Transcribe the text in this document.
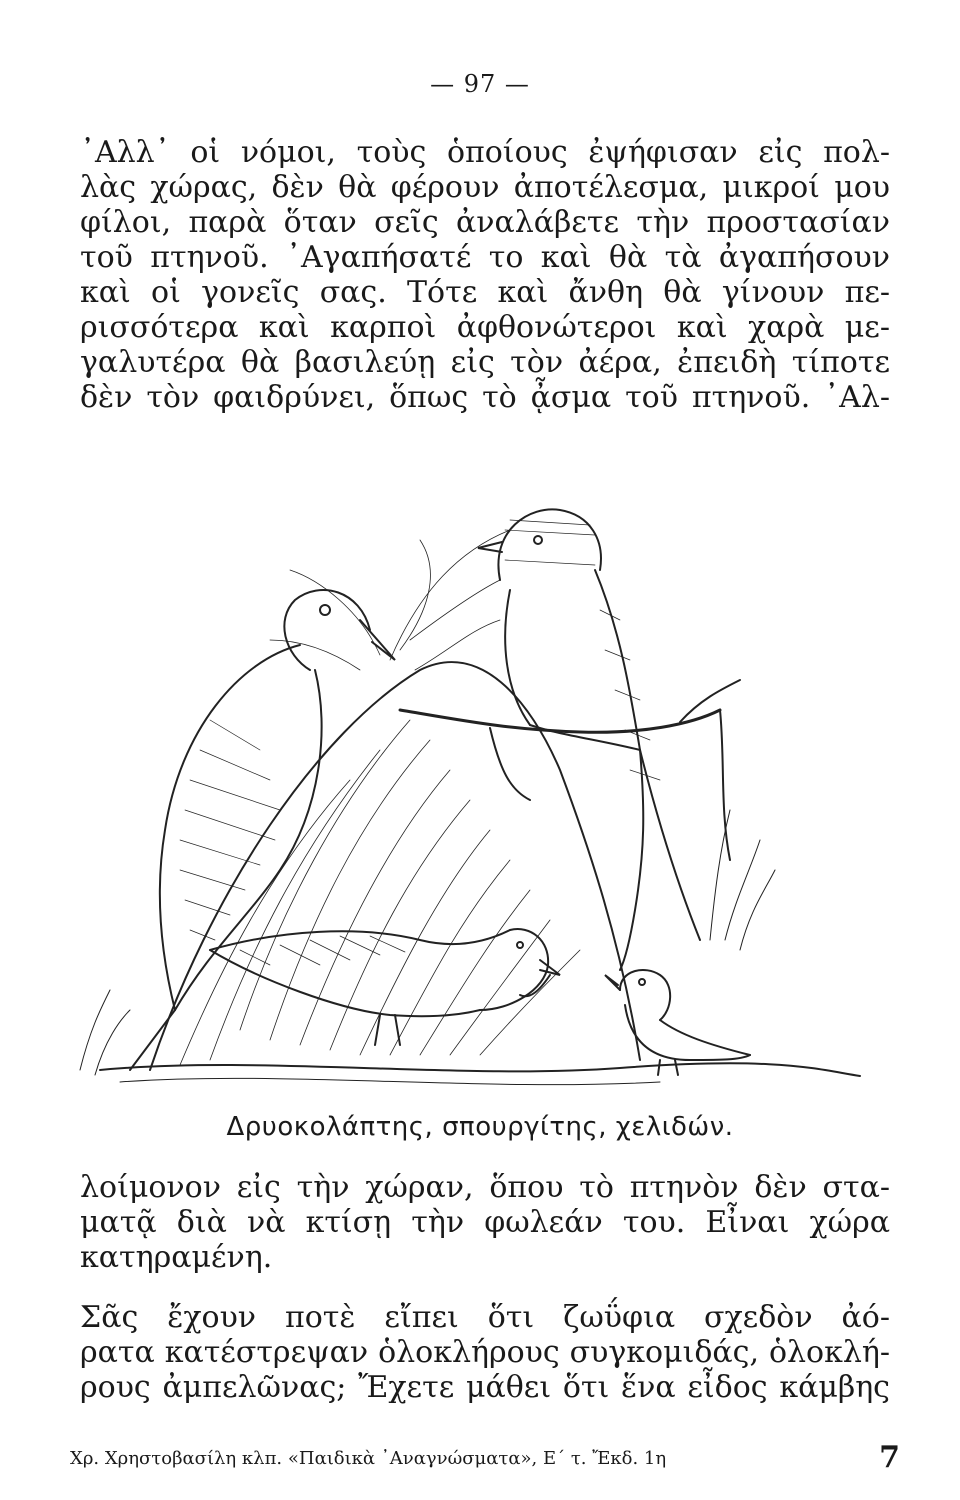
— 97 —
᾿Αλλ᾿ οἱ νόμοι, τοὺς ὁποίους ἐψήφισαν εἰς πολ-
λὰς χώρας, δὲν θὰ φέρουν ἀποτέλεσμα, μικροί μου
φίλοι, παρὰ ὅταν σεῖς ἀναλάβετε τὴν προστασίαν
τοῦ πτηνοῦ. ᾿Αγαπήσατέ το καὶ θὰ τὰ ἀγαπήσουν
καὶ οἱ γονεῖς σας. Τότε καὶ ἄνθη θὰ γίνουν πε-
ρισσότερα καὶ καρποὶ ἀφθονώτεροι καὶ χαρὰ με-
γαλυτέρα θὰ βασιλεύῃ εἰς τὸν ἀέρα, ἐπειδὴ τίποτε
δὲν τὸν φαιδρύνει, ὅπως τὸ ᾆσμα τοῦ πτηνοῦ. ᾿Αλ-
Δρυοκολάπτης, σπουργίτης, χελιδών.
λοίμονον εἰς τὴν χώραν, ὅπου τὸ πτηνὸν δὲν στα-
ματᾷ διὰ νὰ κτίσῃ τὴν φωλεάν του. Εἶναι χώρα
κατηραμένη.
Σᾶς ἔχουν ποτὲ εἴπει ὅτι ζωΰφια σχεδὸν ἀό-
ρατα κατέστρεψαν ὁλοκλήρους συγκομιδάς, ὁλοκλή-
ρους ἀμπελῶνας; Ἔχετε μάθει ὅτι ἕνα εἶδος κάμβης
Χρ. Χρηστοβασίλη κλπ. «Παιδικὰ ᾿Αναγνώσματα», Ε΄ τ. Ἔκδ. 1η	7
